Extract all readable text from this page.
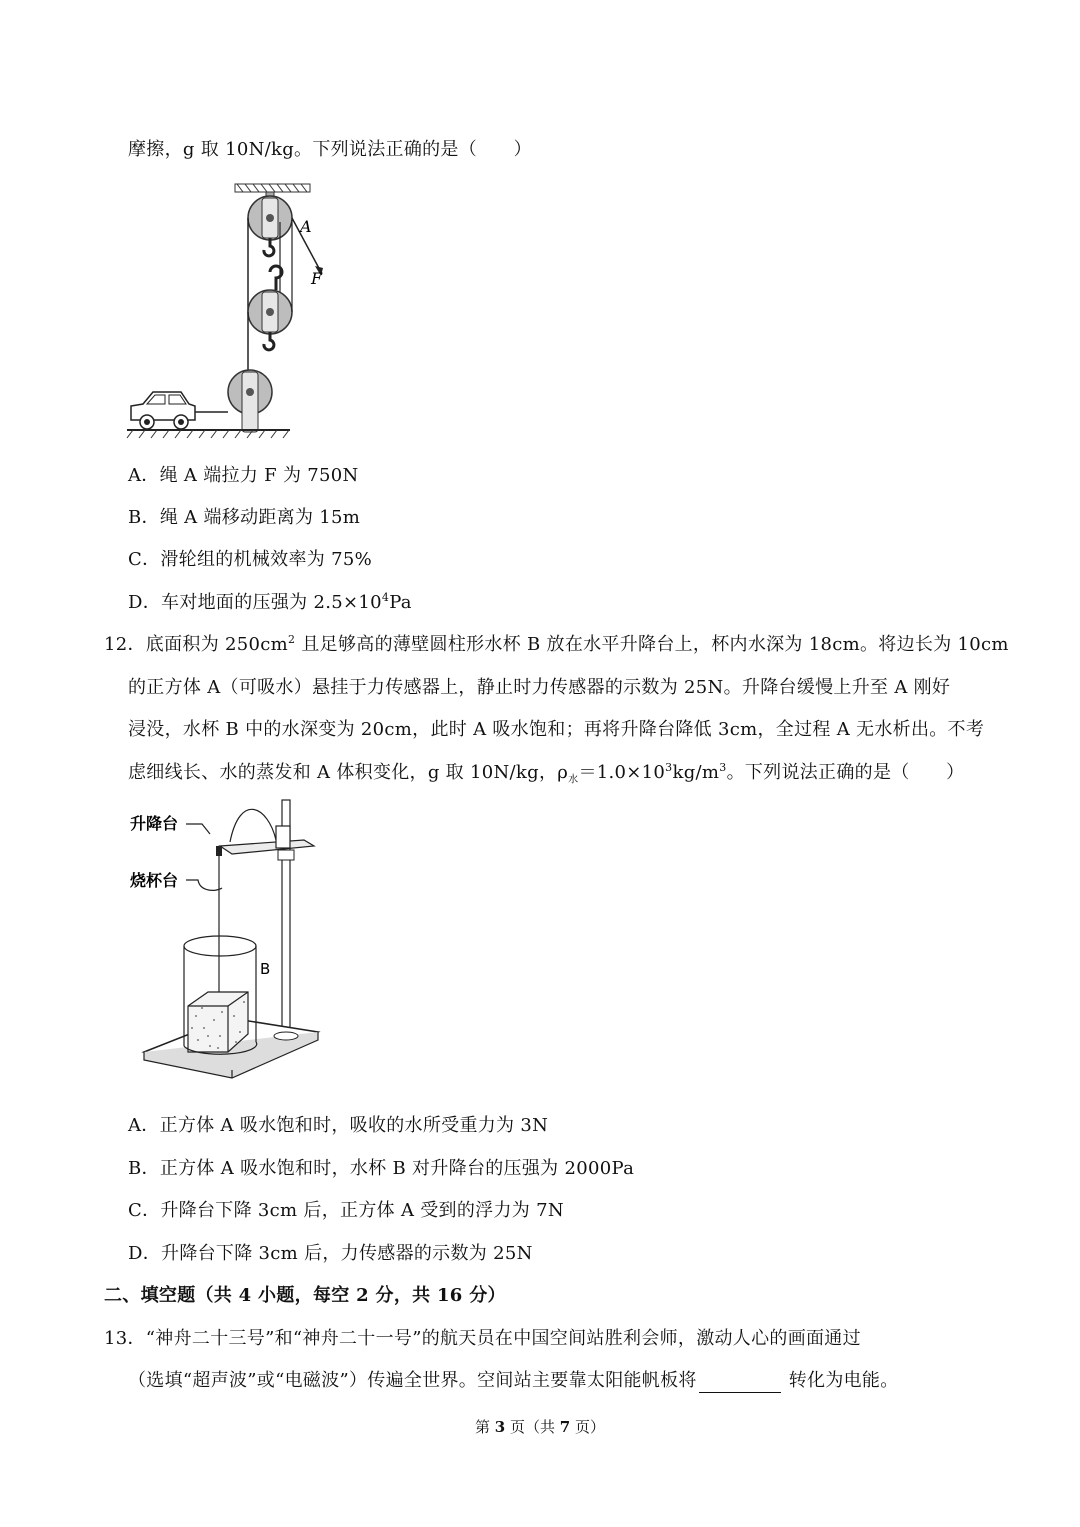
摩擦，g 取 10N/kg。下列说法正确的是（　　）
A
F
A．绳 A 端拉力 F 为 750N
B．绳 A 端移动距离为 15m
C．滑轮组的机械效率为 75%
D．车对地面的压强为 $2.5\times 10^4Pa$
12．底面积为 $250cm^2$ 且足够高的薄壁圆柱形水杯 B 放在水平升降台上，杯内水深为 18cm。将边长为 10cm
的正方体 A（可吸水）悬挂于力传感器上，静止时力传感器的示数为 25N。升降台缓慢上升至 A 刚好
浸没，水杯 B 中的水深变为 20cm，此时 A 吸水饱和；再将升降台降低 3cm，全过程 A 无水析出。不考
虑细线长、水的蒸发和 A 体积变化，g 取 10N/kg，$\rho_水=1.0\times 10^3kg/m^3$。下列说法正确的是（　　）
升降台
烧杯台
B
A．正方体 A 吸水饱和时，吸收的水所受重力为 3N
B．正方体 A 吸水饱和时，水杯 B 对升降台的压强为 2000Pa
C．升降台下降 3cm 后，正方体 A 受到的浮力为 7N
D．升降台下降 3cm 后，力传感器的示数为 25N
二、填空题（共 4 小题，每空 2 分，共 16 分）
13．“神舟二十三号”和“神舟二十一号”的航天员在中国空间站胜利会师，激动人心的画面通过
（选填“超声波”或“电磁波”）传遍全世界。空间站主要靠太阳能帆板将	转化为电能。
第 3 页（共 7 页）
